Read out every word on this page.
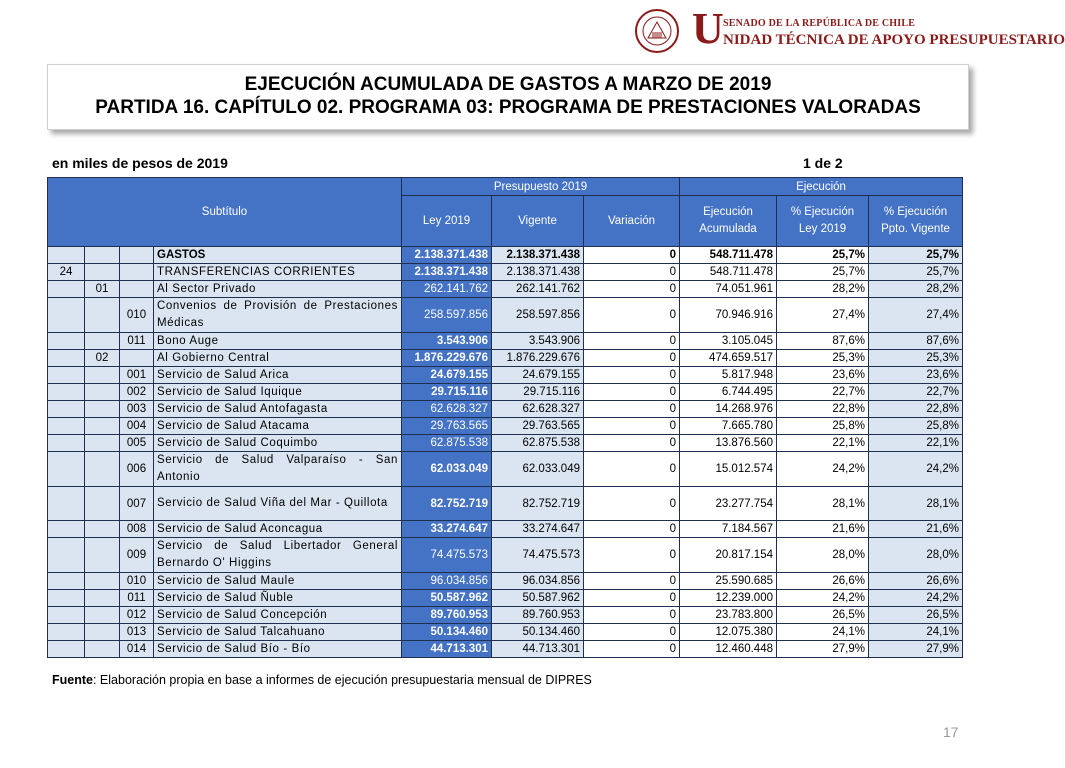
U SENADO DE LA REPÚBLICA DE CHILE
NIDAD TÉCNICA DE APOYO PRESUPUESTARIO
EJECUCIÓN ACUMULADA DE GASTOS A MARZO DE 2019
PARTIDA 16. CAPÍTULO 02. PROGRAMA 03: PROGRAMA DE PRESTACIONES VALORADAS
en miles de pesos de 2019	1 de 2
Subtítulo				Presupuesto 2019			Ejecución		
				Ley 2019	Vigente	Variación	Ejecución Acumulada	% Ejecución Ley 2019	% Ejecución Ppto. Vigente
			GASTOS	2.138.371.438	2.138.371.438	0	548.711.478	25,7%	25,7%
24			TRANSFERENCIAS CORRIENTES	2.138.371.438	2.138.371.438	0	548.711.478	25,7%	25,7%
	01		Al Sector Privado	262.141.762	262.141.762	0	74.051.961	28,2%	28,2%
		010	Convenios de Provisión de Prestaciones Médicas	258.597.856	258.597.856	0	70.946.916	27,4%	27,4%
		011	Bono Auge	3.543.906	3.543.906	0	3.105.045	87,6%	87,6%
	02		Al Gobierno Central	1.876.229.676	1.876.229.676	0	474.659.517	25,3%	25,3%
		001	Servicio de Salud Arica	24.679.155	24.679.155	0	5.817.948	23,6%	23,6%
		002	Servicio de Salud Iquique	29.715.116	29.715.116	0	6.744.495	22,7%	22,7%
		003	Servicio de Salud Antofagasta	62.628.327	62.628.327	0	14.268.976	22,8%	22,8%
		004	Servicio de Salud Atacama	29.763.565	29.763.565	0	7.665.780	25,8%	25,8%
		005	Servicio de Salud Coquimbo	62.875.538	62.875.538	0	13.876.560	22,1%	22,1%
		006	Servicio de Salud Valparaíso - San Antonio	62.033.049	62.033.049	0	15.012.574	24,2%	24,2%
		007	Servicio de Salud Viña del Mar - Quillota	82.752.719	82.752.719	0	23.277.754	28,1%	28,1%
		008	Servicio de Salud Aconcagua	33.274.647	33.274.647	0	7.184.567	21,6%	21,6%
		009	Servicio de Salud Libertador General Bernardo O' Higgins	74.475.573	74.475.573	0	20.817.154	28,0%	28,0%
		010	Servicio de Salud Maule	96.034.856	96.034.856	0	25.590.685	26,6%	26,6%
		011	Servicio de Salud Ñuble	50.587.962	50.587.962	0	12.239.000	24,2%	24,2%
		012	Servicio de Salud Concepción	89.760.953	89.760.953	0	23.783.800	26,5%	26,5%
		013	Servicio de Salud Talcahuano	50.134.460	50.134.460	0	12.075.380	24,1%	24,1%
		014	Servicio de Salud Bío - Bío	44.713.301	44.713.301	0	12.460.448	27,9%	27,9%
Fuente: Elaboración propia en base a informes de ejecución presupuestaria mensual de DIPRES
17
